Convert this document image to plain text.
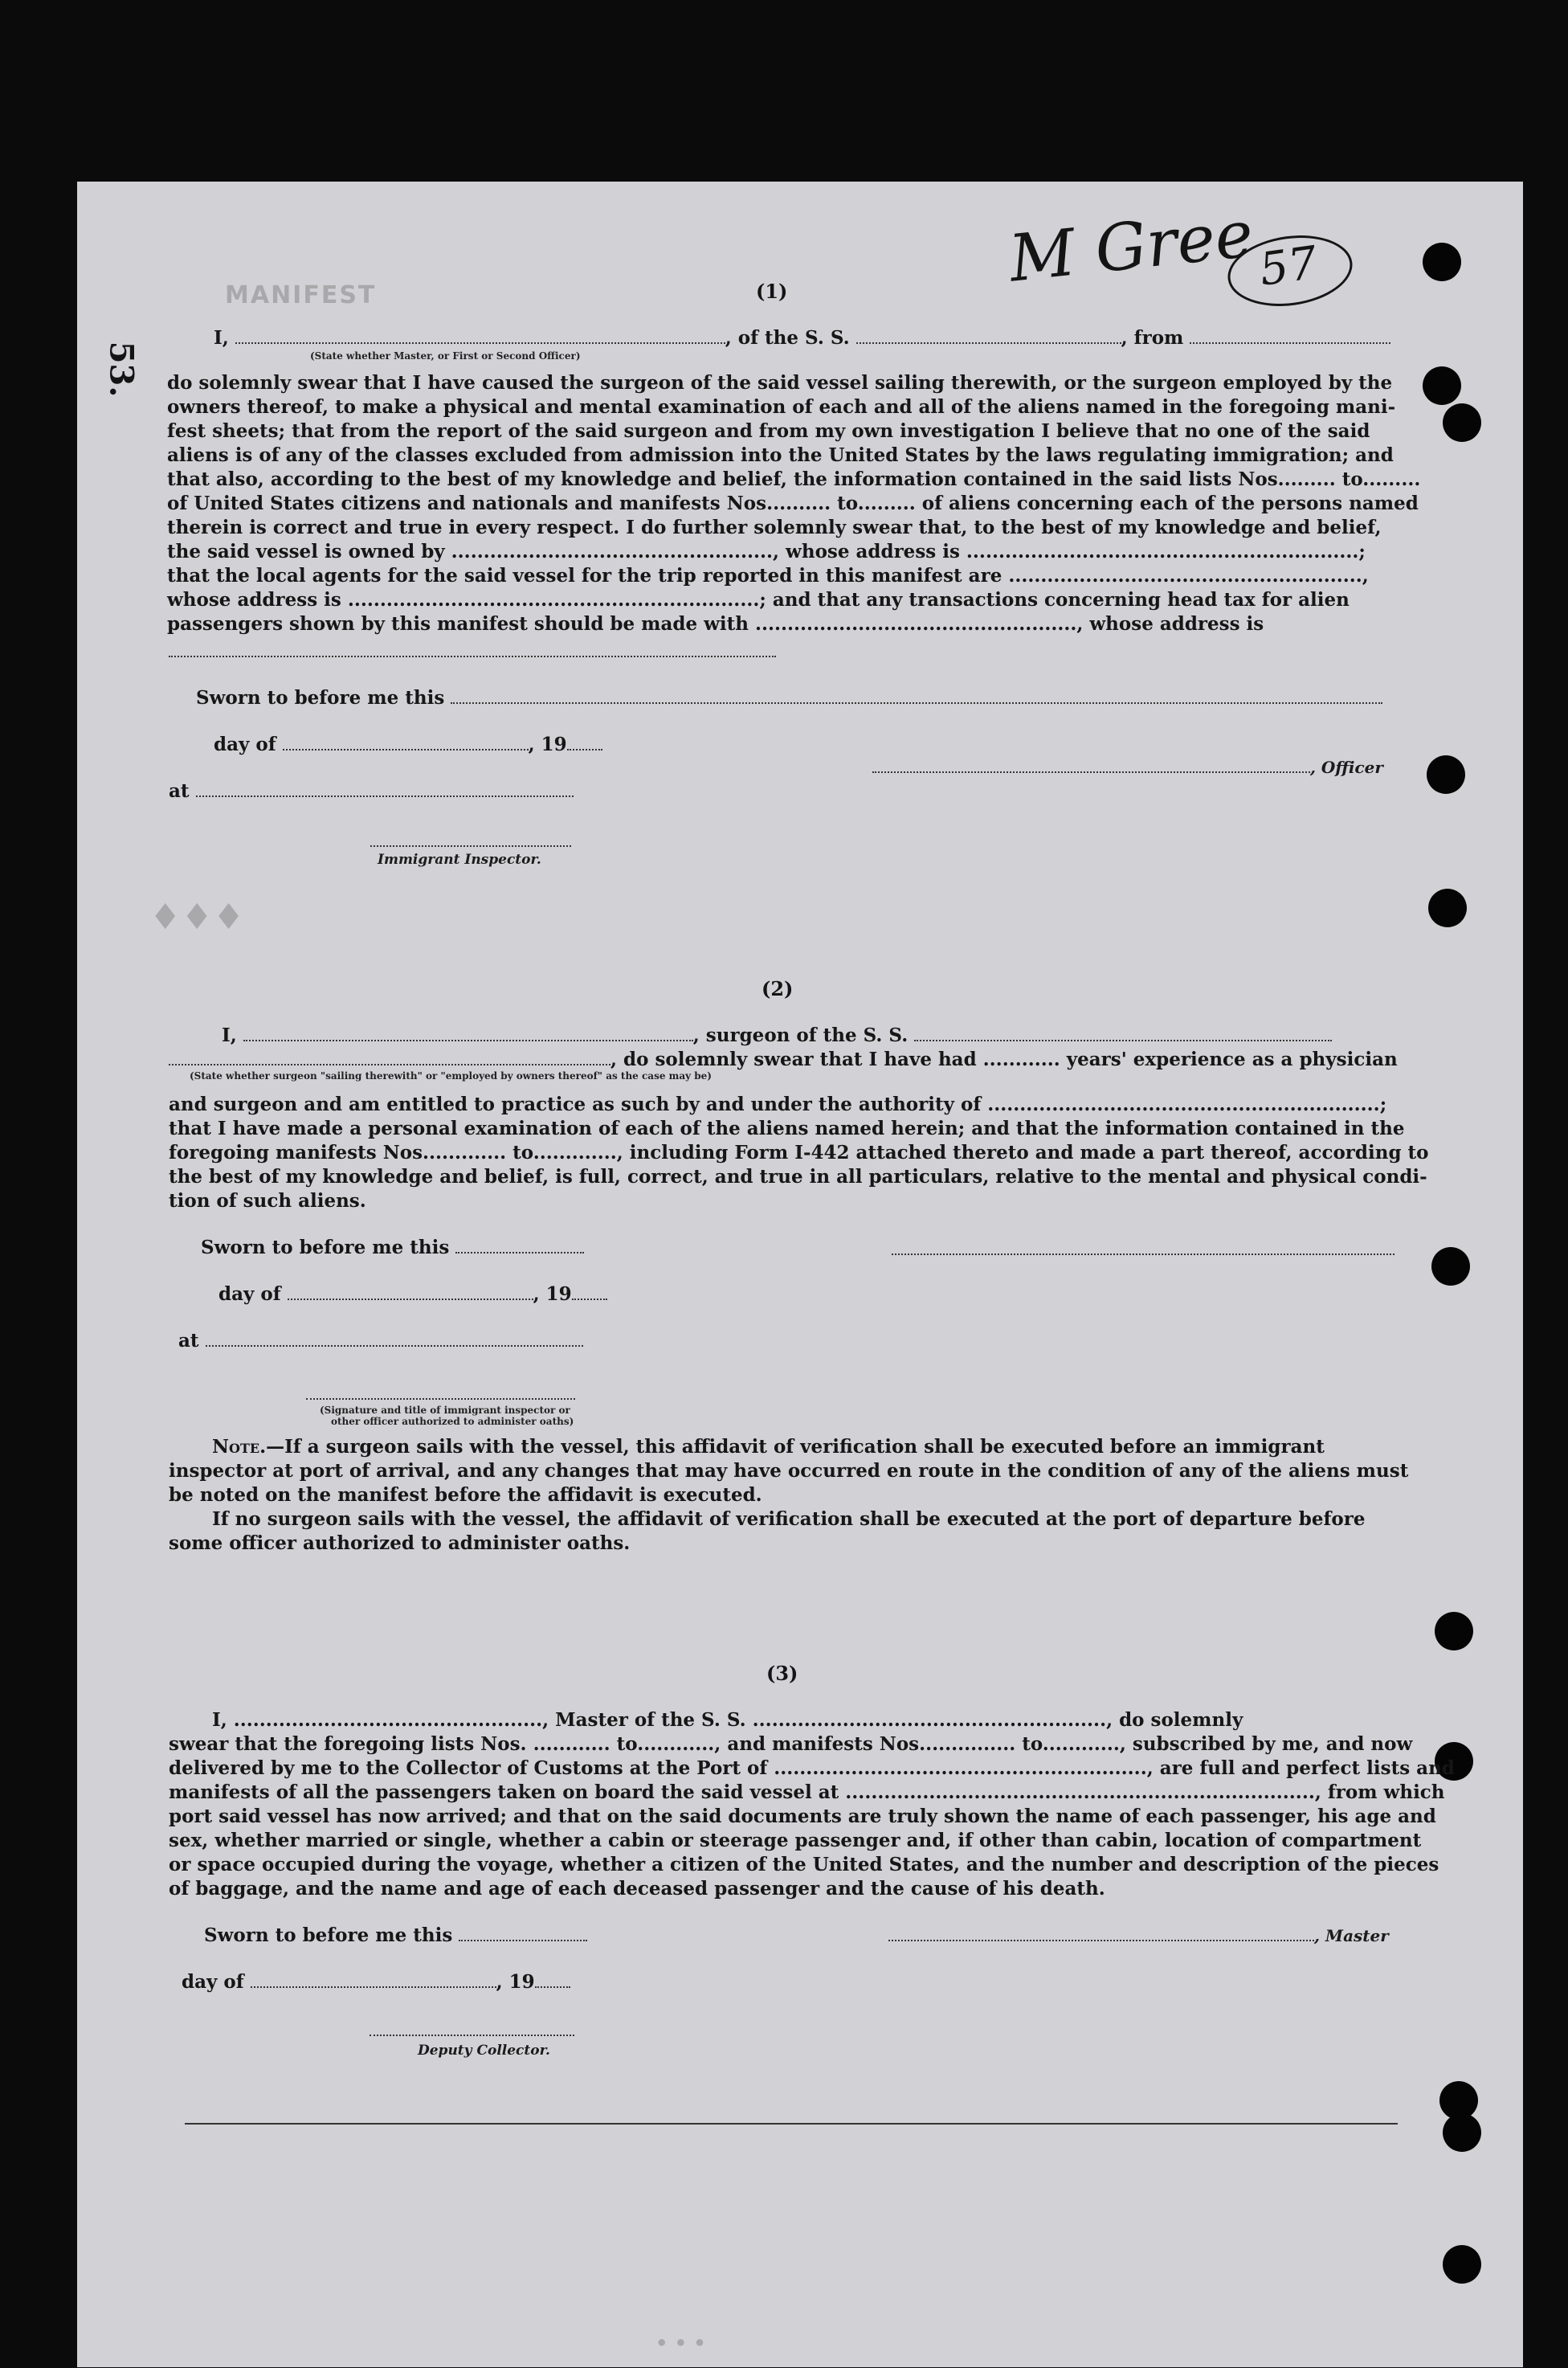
MANIFEST
♦♦♦
• • •
M Gree 57
53.
(1)
I,	, of the S. S.	, from
(State whether Master, or First or Second Officer)

do solemnly swear that I have caused the surgeon of the said vessel sailing therewith, or the surgeon employed by the

owners thereof, to make a physical and mental examination of each and all of the aliens named in the foregoing mani-

fest sheets; that from the report of the said surgeon and from my own investigation I believe that no one of the said

aliens is of any of the classes excluded from admission into the United States by the laws regulating immigration; and

that also, according to the best of my knowledge and belief, the information contained in the said lists Nos......... to.........

of United States citizens and nationals and manifests Nos.......... to......... of aliens concerning each of the persons named

therein is correct and true in every respect. I do further solemnly swear that, to the best of my knowledge and belief,

the said vessel is owned by .................................................., whose address is .............................................................;

that the local agents for the said vessel for the trip reported in this manifest are .......................................................,

whose address is ................................................................; and that any transactions concerning head tax for alien

passengers shown by this manifest should be made with .................................................., whose address is

Sworn to before me this
day of	, 19
, Officer
at
Immigrant Inspector.
(2)
I,	, surgeon of the S. S.
, do solemnly swear that I have had ............ years' experience as a physician
(State whether surgeon "sailing therewith" or "employed by owners thereof" as the case may be)

and surgeon and am entitled to practice as such by and under the authority of .............................................................;

that I have made a personal examination of each of the aliens named herein; and that the information contained in the

foregoing manifests Nos............. to............., including Form I-442 attached thereto and made a part thereof, according to

the best of my knowledge and belief, is full, correct, and true in all particulars, relative to the mental and physical condi-

tion of such aliens.

Sworn to before me this
day of	, 19
at
(Signature and title of immigrant inspector or
other officer authorized to administer oaths)

Note.—If a surgeon sails with the vessel, this affidavit of verification shall be executed before an immigrant

inspector at port of arrival, and any changes that may have occurred en route in the condition of any of the aliens must

be noted on the manifest before the affidavit is executed.

If no surgeon sails with the vessel, the affidavit of verification shall be executed at the port of departure before

some officer authorized to administer oaths.

(3)

I, ................................................, Master of the S. S. ......................................................., do solemnly

swear that the foregoing lists Nos. ............ to............, and manifests Nos............... to............, subscribed by me, and now

delivered by me to the Collector of Customs at the Port of .........................................................., are full and perfect lists and

manifests of all the passengers taken on board the said vessel at ........................................................................., from which

port said vessel has now arrived; and that on the said documents are truly shown the name of each passenger, his age and

sex, whether married or single, whether a cabin or steerage passenger and, if other than cabin, location of compartment

or space occupied during the voyage, whether a citizen of the United States, and the number and description of the pieces

of baggage, and the name and age of each deceased passenger and the cause of his death.

Sworn to before me this	, Master
day of	, 19
Deputy Collector.
